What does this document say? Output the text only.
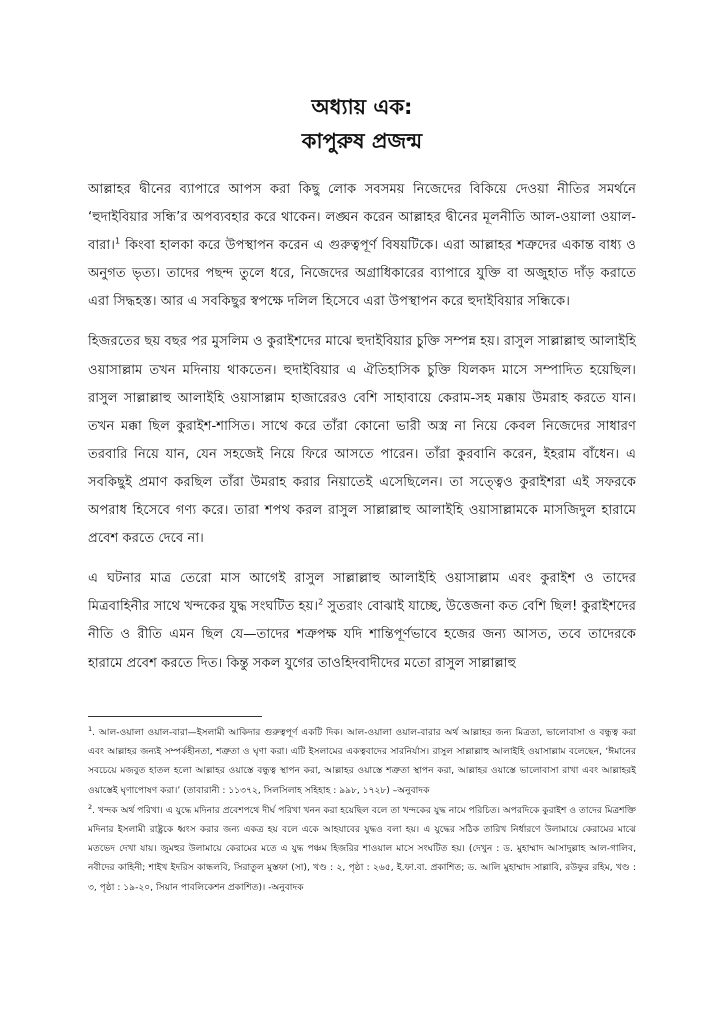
অধ্যায় এক:
কাপুরুষ প্রজন্ম

আল্লাহর দ্বীনের ব্যাপারে আপস করা কিছু লোক সবসময় নিজেদের বিকিয়ে দেওয়া নীতির সমর্থনে ‘হুদাইবিয়ার সন্ধি’র অপব্যবহার করে থাকেন। লঙ্ঘন করেন আল্লাহর দ্বীনের মূলনীতি আল-ওয়ালা ওয়াল-বারা।$^1$ কিংবা হালকা করে উপস্থাপন করেন এ গুরুত্বপূর্ণ বিষয়টিকে। এরা আল্লাহর শত্রুদের একান্ত বাধ্য ও অনুগত ভৃত্য। তাদের পছন্দ তুলে ধরে, নিজেদের অগ্রাধিকারের ব্যাপারে যুক্তি বা অজুহাত দাঁড় করাতে এরা সিদ্ধহস্ত। আর এ সবকিছুর স্বপক্ষে দলিল হিসেবে এরা উপস্থাপন করে হুদাইবিয়ার সন্ধিকে।

হিজরতের ছয় বছর পর মুসলিম ও কুরাইশদের মাঝে হুদাইবিয়ার চুক্তি সম্পন্ন হয়। রাসুল সাল্লাল্লাহু আলাইহি ওয়াসাল্লাম তখন মদিনায় থাকতেন। হুদাইবিয়ার এ ঐতিহাসিক চুক্তি যিলকদ মাসে সম্পাদিত হয়েছিল। রাসুল সাল্লাল্লাহু আলাইহি ওয়াসাল্লাম হাজারেরও বেশি সাহাবায়ে কেরাম-সহ মক্কায় উমরাহ করতে যান। তখন মক্কা ছিল কুরাইশ-শাসিত। সাথে করে তাঁরা কোনো ভারী অস্ত্র না নিয়ে কেবল নিজেদের সাধারণ তরবারি নিয়ে যান, যেন সহজেই নিয়ে ফিরে আসতে পারেন। তাঁরা কুরবানি করেন, ইহরাম বাঁধেন। এ সবকিছুই প্রমাণ করছিল তাঁরা উমরাহ করার নিয়াতেই এসেছিলেন। তা সত্ত্বেও কুরাইশরা এই সফরকে অপরাধ হিসেবে গণ্য করে। তারা শপথ করল রাসুল সাল্লাল্লাহু আলাইহি ওয়াসাল্লামকে মাসজিদুল হারামে প্রবেশ করতে দেবে না।

এ ঘটনার মাত্র তেরো মাস আগেই রাসুল সাল্লাল্লাহু আলাইহি ওয়াসাল্লাম এবং কুরাইশ ও তাদের মিত্রবাহিনীর সাথে খন্দকের যুদ্ধ সংঘটিত হয়।$^2$ সুতরাং বোঝাই যাচ্ছে, উত্তেজনা কত বেশি ছিল! কুরাইশদের নীতি ও রীতি এমন ছিল যে—তাদের শত্রুপক্ষ যদি শান্তিপূর্ণভাবে হজের জন্য আসত, তবে তাদেরকে হারামে প্রবেশ করতে দিত। কিন্তু সকল যুগের তাওহিদবাদীদের মতো রাসুল সাল্লাল্লাহু

$^1$. আল-ওয়ালা ওয়াল-বারা—ইসলামী আকিদার গুরুত্বপূর্ণ একটি দিক। আল-ওয়ালা ওয়াল-বারার অর্থ আল্লাহর জন্য মিত্রতা, ভালোবাসা ও বন্ধুত্ব করা এবং আল্লাহর জন্যই সম্পর্কহীনতা, শত্রুতা ও ঘৃণা করা। এটি ইসলামের একত্ববাদের সারনির্যাস। রাসুল সাল্লাল্লাহু আলাইহি ওয়াসাল্লাম বলেছেন, ‘ঈমানের সবচেয়ে মজবুত হাতল হলো আল্লাহর ওয়াস্তে বন্ধুত্ব স্থাপন করা, আল্লাহর ওয়াস্তে শত্রুতা স্থাপন করা, আল্লাহর ওয়াস্তে ভালোবাসা রাখা এবং আল্লাহরই ওয়াস্তেই ঘৃণাপোষণ করা।’ (তাবারানী : ১১৩৭২, সিলসিলাহ সহিহাহ : ৯৯৮, ১৭২৮) –অনুবাদক

$^2$. খন্দক অর্থ পরিখা। এ যুদ্ধে মদিনার প্রবেশপথে দীর্ঘ পরিখা খনন করা হয়েছিল বলে তা খন্দকের যুদ্ধ নামে পরিচিত। অপরদিকে কুরাইশ ও তাদের মিত্রশক্তি মদিনার ইসলামী রাষ্ট্রকে ধ্বংস করার জন্য একত্র হয় বলে একে আহযাবের যুদ্ধও বলা হয়। এ যুদ্ধের সঠিক তারিখ নির্ধারণে উলামায়ে কেরামের মাঝে মতভেদ দেখা যায়। জুমহুর উলামায়ে কেরামের মতে এ যুদ্ধ পঞ্চম হিজরির শাওয়াল মাসে সংঘটিত হয়। (দেখুন : ড. মুহাম্মাদ আসাদুল্লাহ আল-গালিব, নবীদের কাহিনী; শাইখ ইদরিস কান্ধলবি, সিরাতুল মুস্তফা (সা), খণ্ড : ২, পৃষ্ঠা : ২৬৫, ই.ফা.বা. প্রকাশিত; ড. আলি মুহাম্মাদ সাল্লাবি, রউফুর রহিম, খণ্ড : ৩, পৃষ্ঠা : ১৯-২০, সিয়ান পাবলিকেশন প্রকাশিত)। -অনুবাদক
